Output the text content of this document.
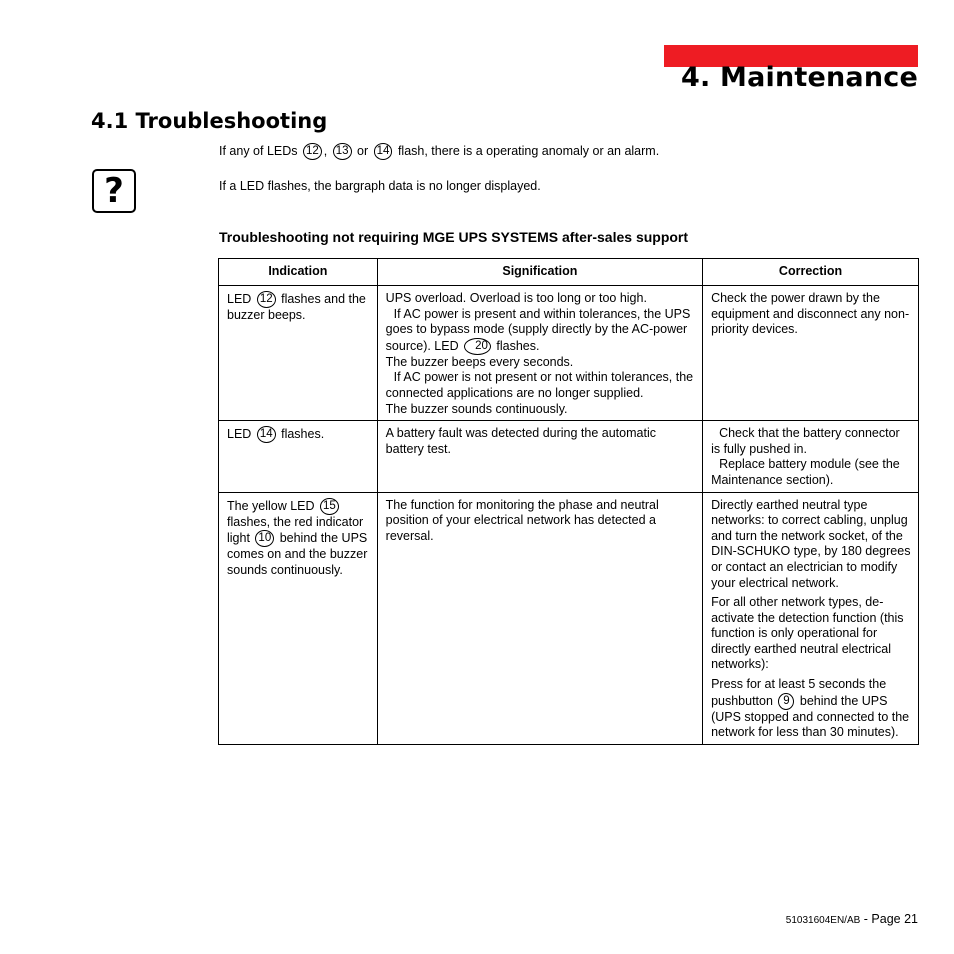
4. Maintenance
4.1 Troubleshooting
If any of LEDs 12 , 13 or 14 flash, there is a operating anomaly or an alarm.
?	If a LED flashes, the bargraph data is no longer displayed.
Troubleshooting not requiring MGE UPS SYSTEMS after-sales support
Indication	Signification	Correction
LED 12 flashes and the buzzer beeps.	UPS overload. Overload is too long or too high.
If AC power is present and within tolerances, the UPS goes to bypass mode (supply directly by the AC-power source). LED 20 flashes.
The buzzer beeps every seconds.
If AC power is not present or not within tolerances, the connected applications are no longer supplied.
The buzzer sounds continuously.	Check the power drawn by the equipment and disconnect any non-priority devices.
LED 14 flashes.	A battery fault was detected during the automatic battery test.	Check that the battery connector is fully pushed in.
Replace battery module (see the Maintenance section).

The yellow LED 15 flashes, the red indicator light 10 behind the UPS comes on and the buzzer sounds continuously.	The function for monitoring the phase and neutral position of your electrical network has detected a reversal.	Directly earthed neutral type networks: to correct cabling, unplug and turn the network socket, of the DIN-SCHUKO type, by 180 degrees or contact an electrician to modify your electrical network.
For all other network types, de-activate the detection function (this function is only operational for directly earthed neutral electrical networks):
Press for at least 5 seconds the pushbutton 9 behind the UPS (UPS stopped and connected to the network for less than 30 minutes).
51031604EN/AB - Page 21
